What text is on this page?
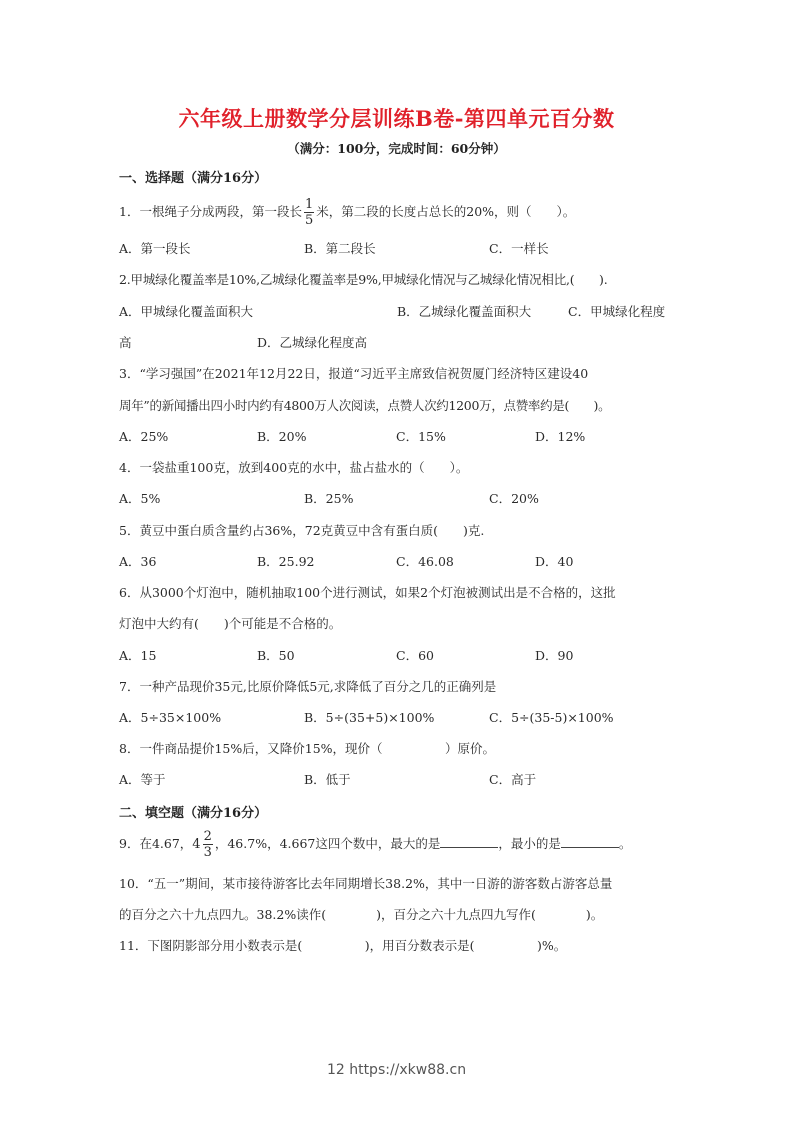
六年级上册数学分层训练B卷-第四单元百分数
（满分：100分，完成时间：60分钟）
一、选择题（满分16分）
1．一根绳子分成两段，第一段长 $\frac{1}{5}$ 米，第二段的长度占总长的20%，则（　　）。
A．第一段长	B．第二段长	C．一样长
2.甲城绿化覆盖率是10%,乙城绿化覆盖率是9%,甲城绿化情况与乙城绿化情况相比,(　　).
A．甲城绿化覆盖面积大	B．乙城绿化覆盖面积大	C．甲城绿化程度
高	D．乙城绿化程度高
3．“学习强国”在2021年12月22日，报道“习近平主席致信祝贺厦门经济特区建设40
周年”的新闻播出四小时内约有4800万人次阅读，点赞人次约1200万，点赞率约是(　　)。
A．25%	B．20%	C．15%	D．12%
4．一袋盐重100克，放到400克的水中，盐占盐水的（　　）。
A．5%	B．25%	C．20%
5．黄豆中蛋白质含量约占36%，72克黄豆中含有蛋白质(　　)克.
A．36	B．25.92	C．46.08	D．40
6．从3000个灯泡中，随机抽取100个进行测试，如果2个灯泡被测试出是不合格的，这批
灯泡中大约有(　　)个可能是不合格的。
A．15	B．50	C．60	D．90
7．一种产品现价35元,比原价降低5元,求降低了百分之几的正确列是
A．5÷35×100%	B．5÷(35+5)×100%	C．5÷(35-5)×100%
8．一件商品提价15%后，又降价15%，现价（　　　　　）原价。
A．等于	B．低于	C．高于
二、填空题（满分16分）
9．在4.67，$4 \frac{2}{3}$ ，46.7%，4.667这四个数中，最大的是	，最小的是	。
10．“五一”期间，某市接待游客比去年同期增长38.2%，其中一日游的游客数占游客总量
的百分之六十九点四九。38.2%读作(　　　　)，百分之六十九点四九写作(　　　　)。
11．下图阴影部分用小数表示是(　　　　　)，用百分数表示是(　　　　　)%。
12 https://xkw88.cn
